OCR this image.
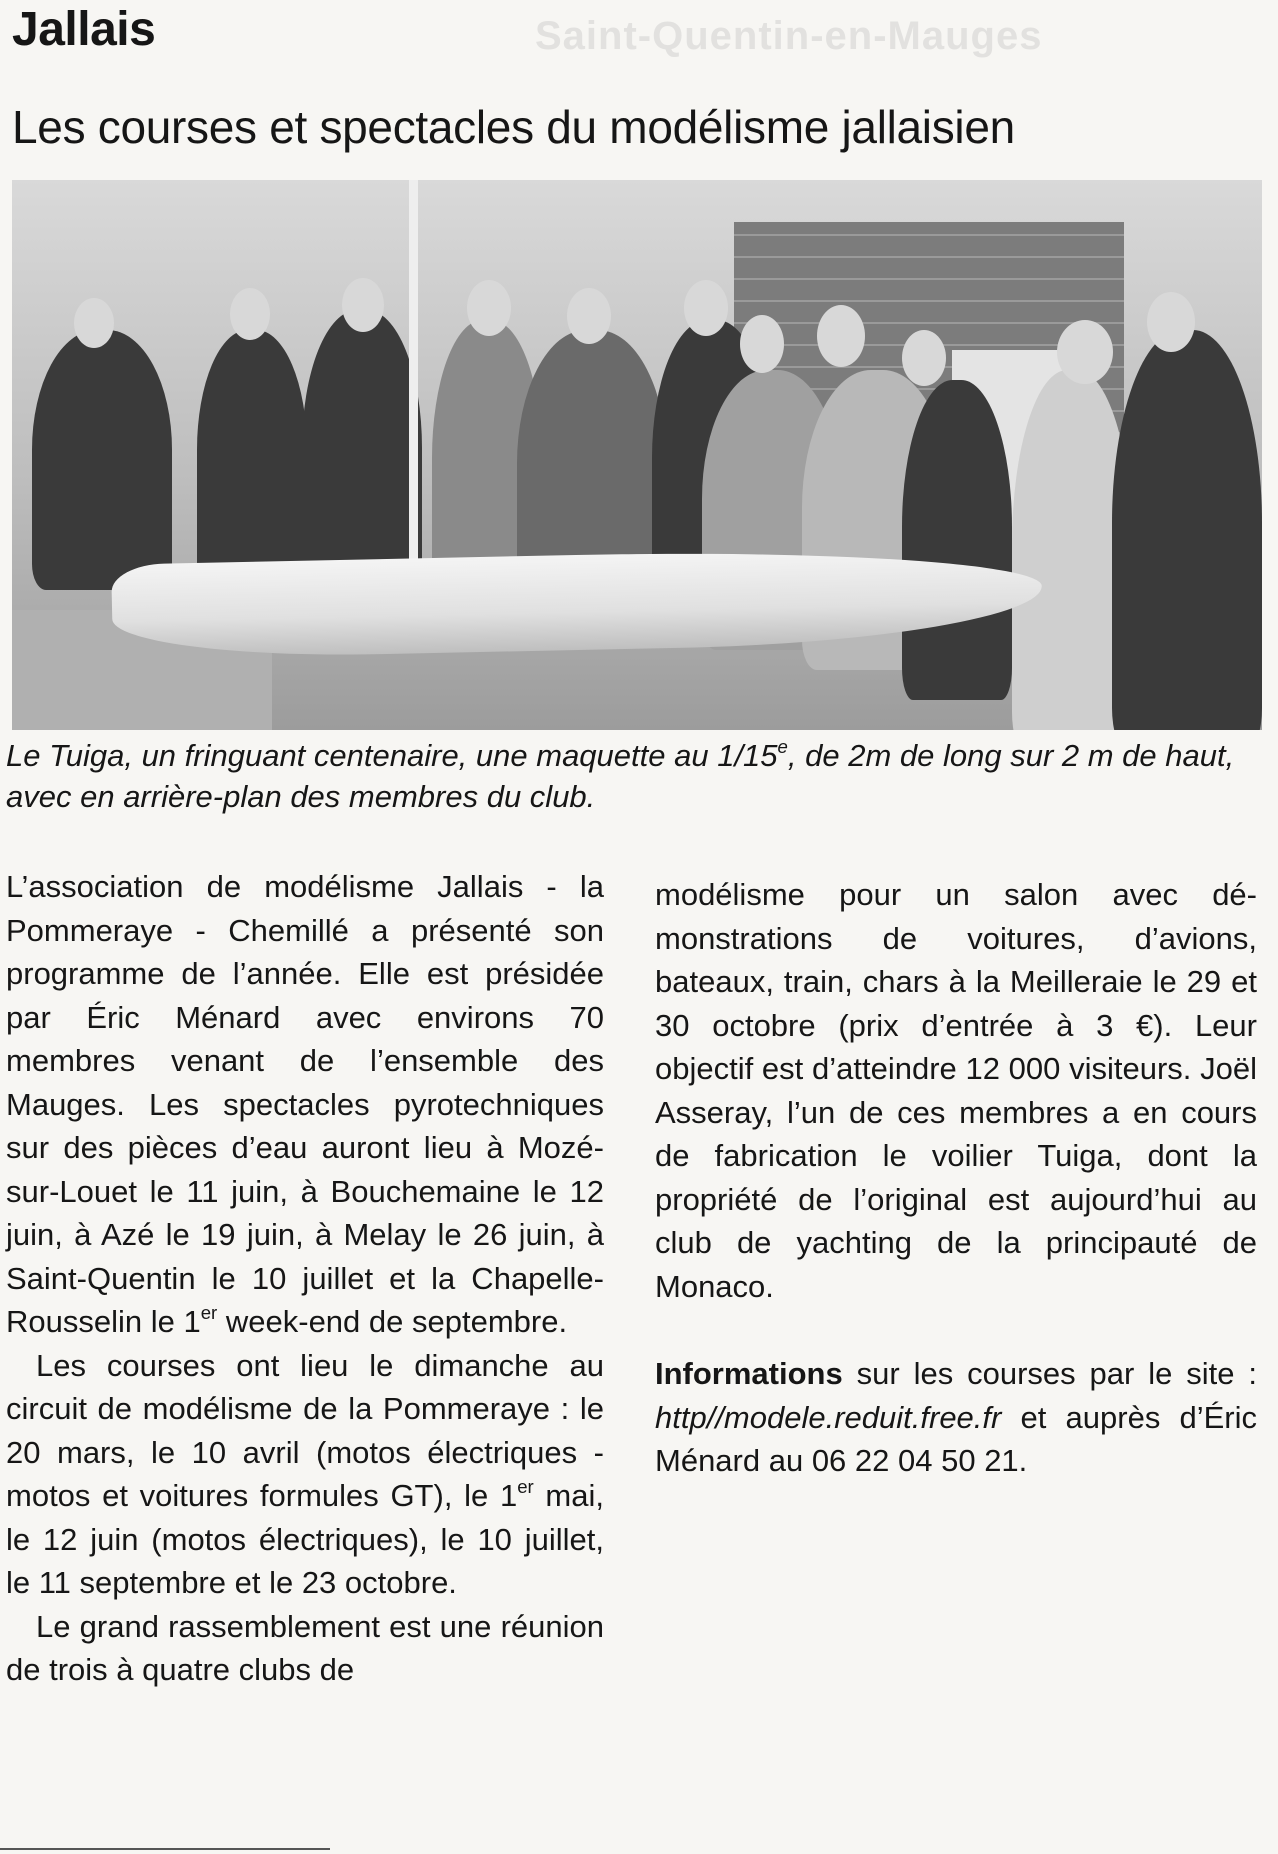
Saint-Quentin-en-Mauges
Jallais
Les courses et spectacles du modélisme jallaisien
Le Tuiga, un fringuant centenaire, une maquette au 1/15e, de 2m de long sur 2 m de haut, avec en arrière-plan des membres du club.

L’association de modélisme Jallais - la Pommeraye - Chemillé a présenté son programme de l’année. Elle est présidée par Éric Ménard avec environs 70 membres venant de l’ensemble des Mauges. Les spectacles pyrotechniques sur des pièces d’eau auront lieu à Mozé-sur-Louet le 11 juin, à Bouchemaine le 12 juin, à Azé le 19 juin, à Melay le 26 juin, à Saint-Quentin le 10 juillet et la Chapelle-Rousselin le 1er week-end de septembre.

Les courses ont lieu le dimanche au circuit de modélisme de la Pommeraye : le 20 mars, le 10 avril (motos électriques - motos et voitures formules GT), le 1er mai, le 12 juin (motos électriques), le 10 juillet, le 11 septembre et le 23 octobre.

Le grand rassemblement est une réunion de trois à quatre clubs de

modélisme pour un salon avec démonstrations de voitures, d’avions, bateaux, train, chars à la Meilleraie le 29 et 30 octobre (prix d’entrée à 3 €). Leur objectif est d’atteindre 12 000 visiteurs. Joël Asseray, l’un de ces membres a en cours de fabrication le voilier Tuiga, dont la propriété de l’original est aujourd’hui au club de yachting de la principauté de Monaco.

Informations sur les courses par le site : http//modele.reduit.free.fr et auprès d’Éric Ménard au 06 22 04 50 21.
